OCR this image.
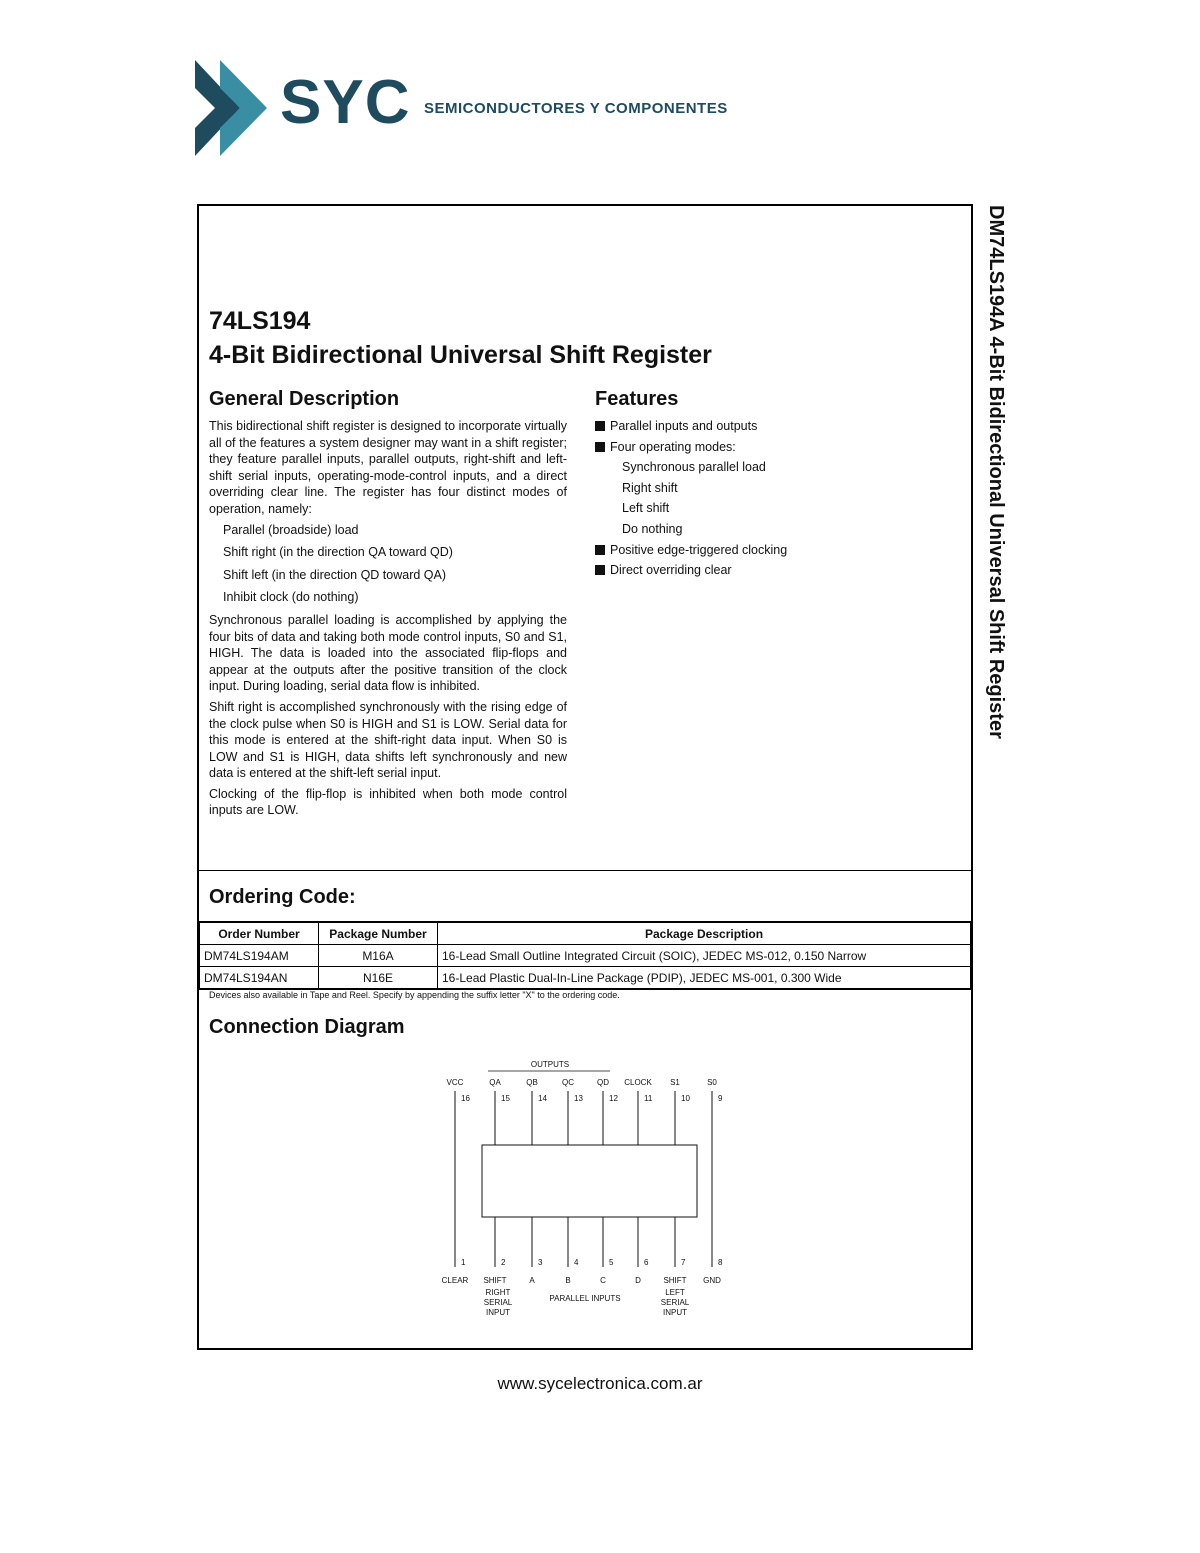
SYC SEMICONDUCTORES Y COMPONENTES
DM74LS194A 4-Bit Bidirectional Universal Shift Register
74LS194
4-Bit Bidirectional Universal Shift Register
General Description	Features

This bidirectional shift register is designed to incorporate virtually all of the features a system designer may want in a shift register; they feature parallel inputs, parallel outputs, right-shift and left-shift serial inputs, operating-mode-control inputs, and a direct overriding clear line. The register has four distinct modes of operation, namely:

Parallel (broadside) load
Shift right (in the direction QA toward QD)
Shift left (in the direction QD toward QA)
Inhibit clock (do nothing)

Synchronous parallel loading is accomplished by applying the four bits of data and taking both mode control inputs, S0 and S1, HIGH. The data is loaded into the associated flip-flops and appear at the outputs after the positive transition of the clock input. During loading, serial data flow is inhibited.

Shift right is accomplished synchronously with the rising edge of the clock pulse when S0 is HIGH and S1 is LOW. Serial data for this mode is entered at the shift-right data input. When S0 is LOW and S1 is HIGH, data shifts left synchronously and new data is entered at the shift-left serial input.

Clocking of the flip-flop is inhibited when both mode control inputs are LOW.

Parallel inputs and outputs
Four operating modes:
Synchronous parallel load
Right shift
Left shift
Do nothing
Positive edge-triggered clocking
Direct overriding clear
Ordering Code:
Order Number	Package Number	Package Description
DM74LS194AM	M16A	16-Lead Small Outline Integrated Circuit (SOIC), JEDEC MS-012, 0.150 Narrow
DM74LS194AN	N16E	16-Lead Plastic Dual-In-Line Package (PDIP), JEDEC MS-001, 0.300 Wide
Devices also available in Tape and Reel. Specify by appending the suffix letter "X" to the ordering code.
Connection Diagram
OUTPUTS
VCC	QA	QB	QC	QD CLOCK S1	S0
16	15	14	13	12	11	10	9
1	2	3	4	5	6	7	8
CLEAR SHIFT	A	B	C	D	SHIFT GND
RIGHT
SERIAL
INPUT
LEFT
SERIAL
INPUT
PARALLEL INPUTS
www.sycelectronica.com.ar
